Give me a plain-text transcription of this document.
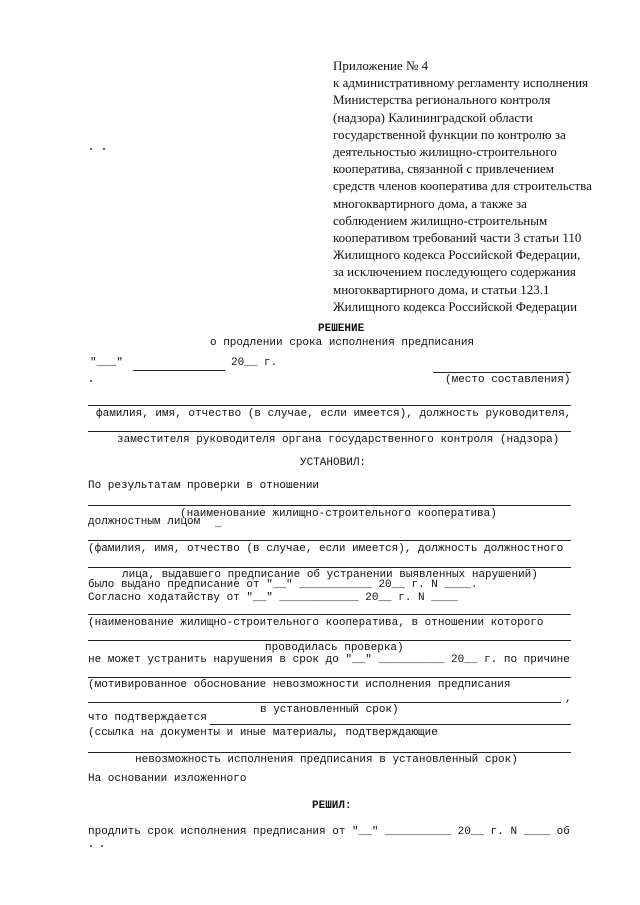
Приложение № 4
к административному регламенту исполнения
Министерства регионального контроля
(надзора) Калининградской области
государственной функции по контролю за
деятельностью жилищно-строительного
кооператива, связанной с привлечением
средств членов кооператива для строительства
многоквартирного дома, а также за
соблюдением жилищно-строительным
кооперативом требований части 3 статьи 110
Жилищного кодекса Российской Федерации,
за исключением последующего содержания
многоквартирного дома, и статьи 123.1
Жилищного кодекса Российской Федерации
РЕШЕНИЕ
о продлении срока исполнения предписания
"___"	20__ г.
(место составления)
фамилия, имя, отчество (в случае, если имеется), должность руководителя,
заместителя руководителя органа государственного контроля (надзора)
УСТАНОВИЛ:
По результатам проверки в отношении
(наименование жилищно-строительного кооператива)
должностным лицом _
(фамилия, имя, отчество (в случае, если имеется), должность должностного
лица, выдавшего предписание об устранении выявленных нарушений)
было выдано предписание от "__" ___________ 20__ г. N ____.
Согласно ходатайству от "__" ____________ 20__ г. N ____
(наименование жилищно-строительного кооператива, в отношении которого
проводилась проверка)
не может устранить нарушения в срок до "__" __________ 20__ г. по причине
(мотивированное обоснование невозможности исполнения предписания
,
в установленный срок)
что подтверждается
(ссылка на документы и иные материалы, подтверждающие
невозможность исполнения предписания в установленный срок)
На основании изложенного
РЕШИЛ:
продлить срок исполнения предписания от "__" __________ 20__ г. N ____ об
